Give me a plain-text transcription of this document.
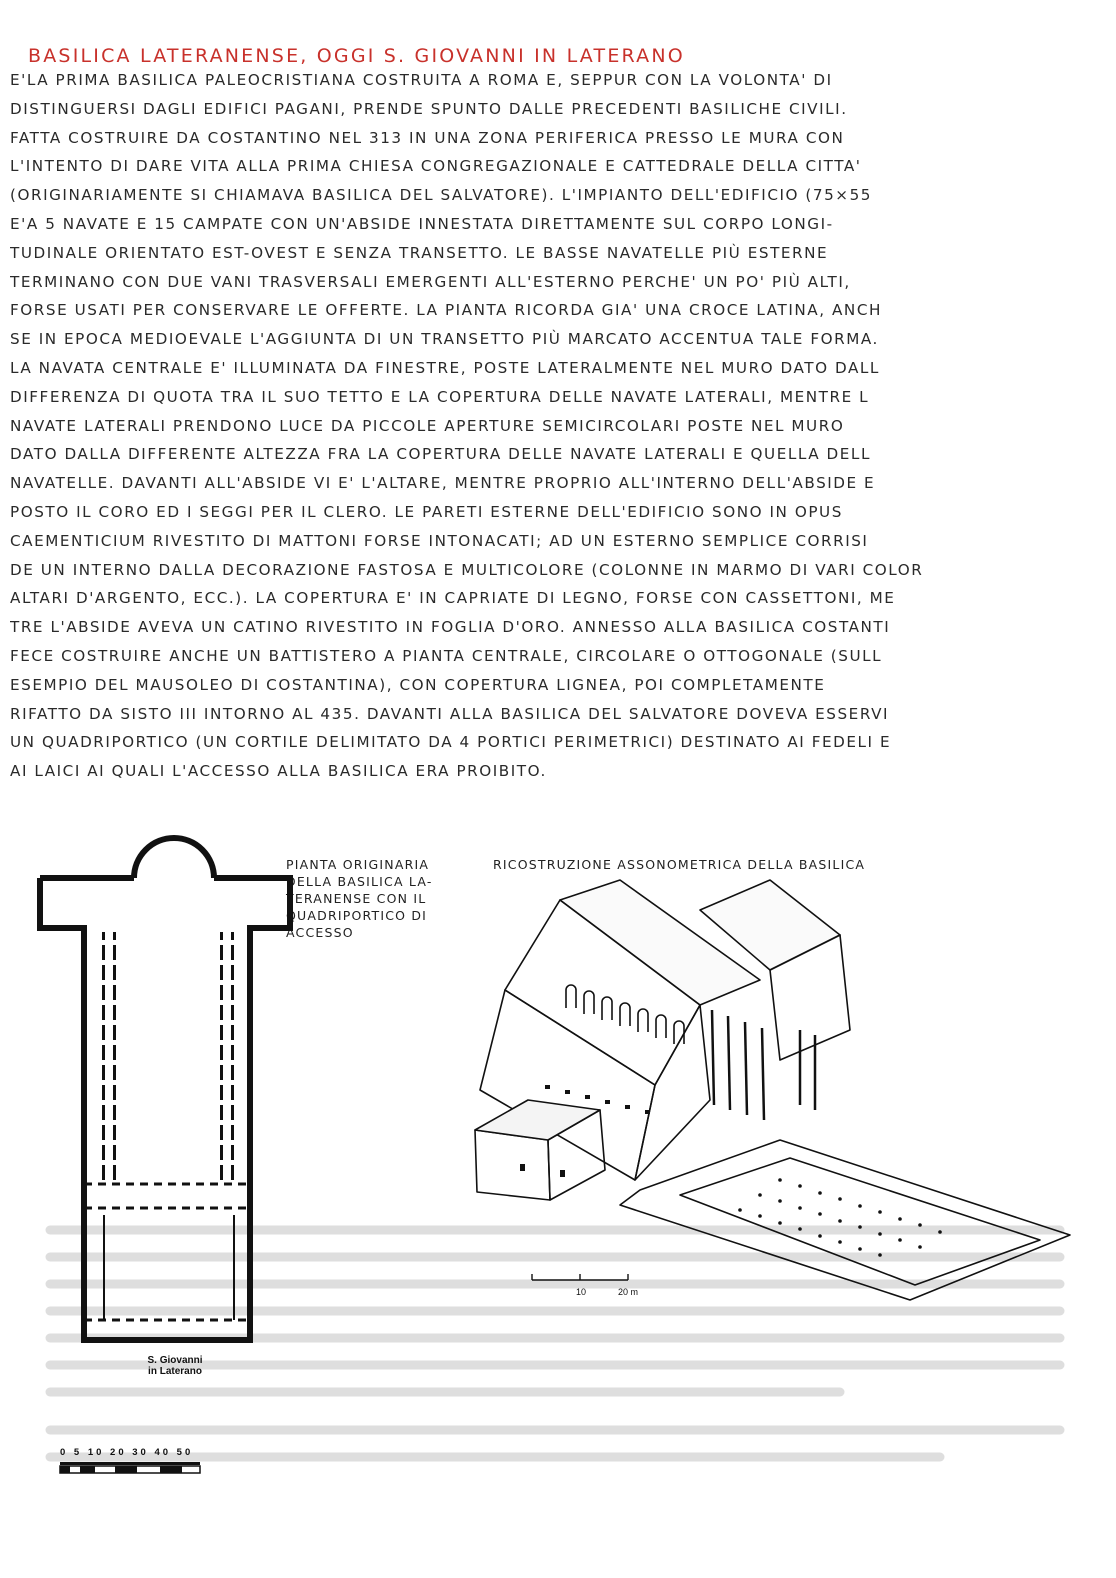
BASILICA LATERANENSE, OGGI S. GIOVANNI IN LATERANO
E'LA PRIMA BASILICA PALEOCRISTIANA COSTRUITA A ROMA E, SEPPUR CON LA VOLONTA' DI
DISTINGUERSI DAGLI EDIFICI PAGANI, PRENDE SPUNTO DALLE PRECEDENTI BASILICHE CIVILI.
FATTA COSTRUIRE DA COSTANTINO NEL 313 IN UNA ZONA PERIFERICA PRESSO LE MURA CON
L'INTENTO DI DARE VITA ALLA PRIMA CHIESA CONGREGAZIONALE E CATTEDRALE DELLA CITTA'
(ORIGINARIAMENTE SI CHIAMAVA BASILICA DEL SALVATORE). L'IMPIANTO DELL'EDIFICIO (75×55
E'A 5 NAVATE E 15 CAMPATE CON UN'ABSIDE INNESTATA DIRETTAMENTE SUL CORPO LONGI-
TUDINALE ORIENTATO EST-OVEST E SENZA TRANSETTO. LE BASSE NAVATELLE PIÙ ESTERNE
TERMINANO CON DUE VANI TRASVERSALI EMERGENTI ALL'ESTERNO PERCHE' UN PO' PIÙ ALTI,
FORSE USATI PER CONSERVARE LE OFFERTE. LA PIANTA RICORDA GIA' UNA CROCE LATINA, ANCH
SE IN EPOCA MEDIOEVALE L'AGGIUNTA DI UN TRANSETTO PIÙ MARCATO ACCENTUA TALE FORMA.
LA NAVATA CENTRALE E' ILLUMINATA DA FINESTRE, POSTE LATERALMENTE NEL MURO DATO DALL
DIFFERENZA DI QUOTA TRA IL SUO TETTO E LA COPERTURA DELLE NAVATE LATERALI, MENTRE L
NAVATE LATERALI PRENDONO LUCE DA PICCOLE APERTURE SEMICIRCOLARI POSTE NEL MURO
DATO DALLA DIFFERENTE ALTEZZA FRA LA COPERTURA DELLE NAVATE LATERALI E QUELLA DELL
NAVATELLE. DAVANTI ALL'ABSIDE VI E' L'ALTARE, MENTRE PROPRIO ALL'INTERNO DELL'ABSIDE E
POSTO IL CORO ED I SEGGI PER IL CLERO. LE PARETI ESTERNE DELL'EDIFICIO SONO IN OPUS
CAEMENTICIUM RIVESTITO DI MATTONI FORSE INTONACATI; AD UN ESTERNO SEMPLICE CORRISI
DE UN INTERNO DALLA DECORAZIONE FASTOSA E MULTICOLORE (COLONNE IN MARMO DI VARI COLOR
ALTARI D'ARGENTO, ECC.). LA COPERTURA E' IN CAPRIATE DI LEGNO, FORSE CON CASSETTONI, ME
TRE L'ABSIDE AVEVA UN CATINO RIVESTITO IN FOGLIA D'ORO. ANNESSO ALLA BASILICA COSTANTI
FECE COSTRUIRE ANCHE UN BATTISTERO A PIANTA CENTRALE, CIRCOLARE O OTTOGONALE (SULL
ESEMPIO DEL MAUSOLEO DI COSTANTINA), CON COPERTURA LIGNEA, POI COMPLETAMENTE
RIFATTO DA SISTO III INTORNO AL 435. DAVANTI ALLA BASILICA DEL SALVATORE DOVEVA ESSERVI
UN QUADRIPORTICO (UN CORTILE DELIMITATO DA 4 PORTICI PERIMETRICI) DESTINATO AI FEDELI E
AI LAICI AI QUALI L'ACCESSO ALLA BASILICA ERA PROIBITO.
PIANTA ORIGINARIA DELLA BASILICA LA-TERANENSE CON IL QUADRIPORTICO DI ACCESSO
RICOSTRUZIONE ASSONOMETRICA DELLA BASILICA
S. Giovanni
in Laterano
0 5 10 20 30 40 50
10	20 m
